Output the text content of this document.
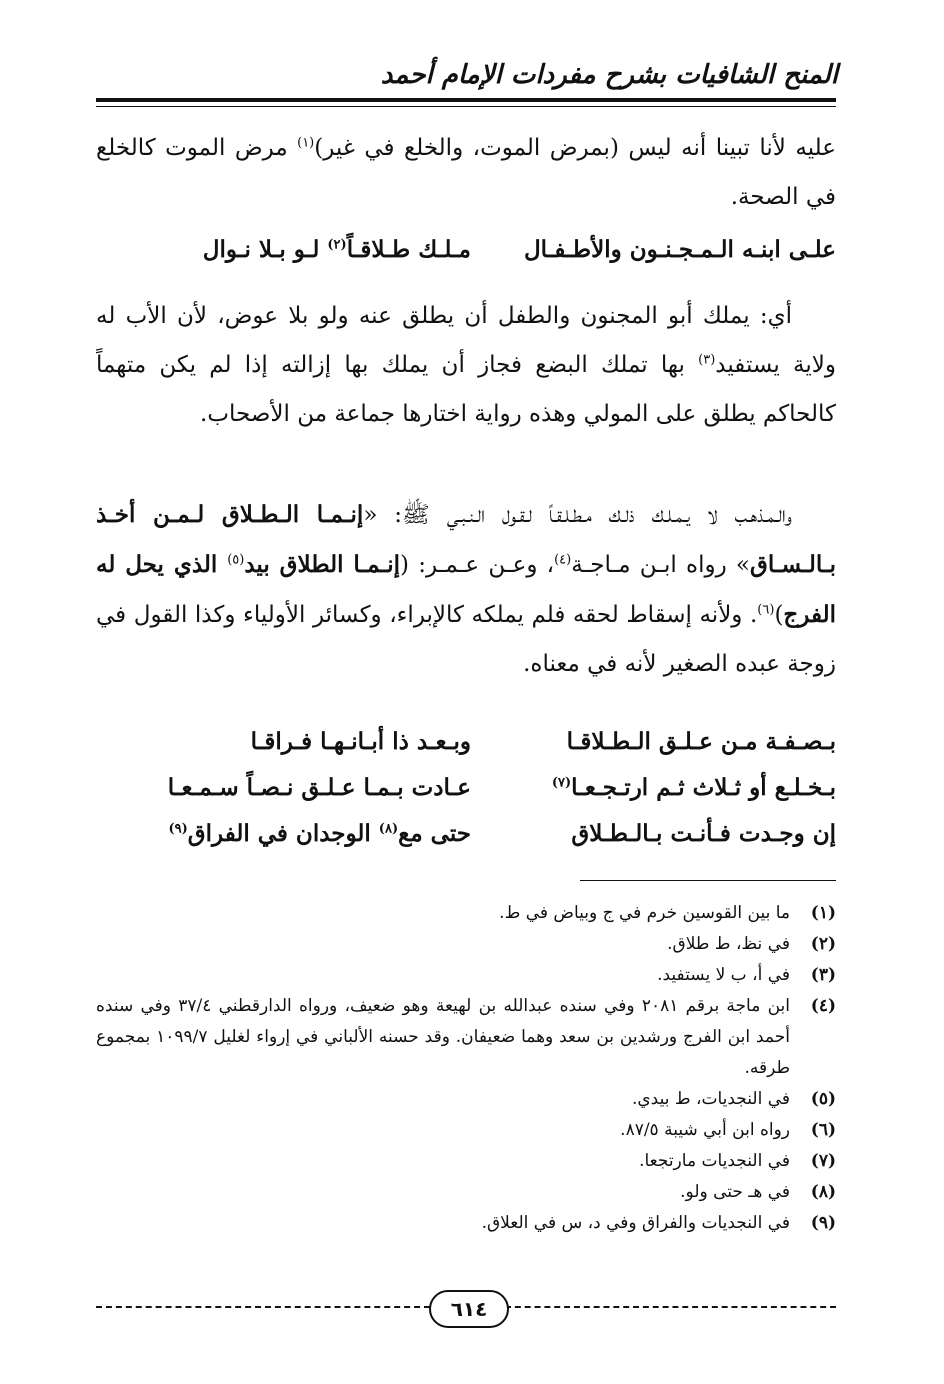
المنح الشافيات بشرح مفردات الإمام أحمد
عليه لأنا تبينا أنه ليس (بمرض الموت، والخلع في غير)$^{(١)}$ مرض الموت كالخلع في الصحة.
علـى ابنـه الـمـجـنـون والأطـفـال
مـلـك طـلاقـاً$^{(٢)}$ لـو بـلا نـوال
أي: يملك أبو المجنون والطفل أن يطلق عنه ولو بلا عوض، لأن الأب له ولاية يستفيد$^{(٣)}$ بها تملك البضع فجاز أن يملك بها إزالته إذا لم يكن متهماً كالحاكم يطلق على المولي وهذه رواية اختارها جماعة من الأصحاب.
والـمـذهـب لا يـمـلـك ذلـك مـطـلـقـاً لـقـول الـنـبـي ﷺ: «إنـمـا الـطـلاق لـمـن أخـذ بـالـسـاق» رواه ابـن مـاجـة$^{(٤)}$، وعـن عـمـر: (إنـمـا الطلاق بيد$^{(٥)}$ الذي يحل له الفرج)$^{(٦)}$. ولأنه إسقاط لحقه فلم يملكه كالإبراء، وكسائر الأولياء وكذا القول في زوجة عبده الصغير لأنه في معناه.
بـصـفـة مـن عـلـق الـطـلاقـا
وبـعـد ذا أبـانـهـا فـراقـا
بـخـلـع أو ثـلاث ثـم ارتـجـعـا$^{(٧)}$
عـادت بـمـا عـلـق نـصـاً سـمـعـا
إن وجـدت فـأنـت بـالـطـلاق
حتى مع$^{(٨)}$ الوجدان في الفراق$^{(٩)}$
(١)
ما بين القوسين خرم في ج وبياض في ط.
(٢)
في نظ، ط طلاق.
(٣)
في أ، ب لا يستفيد.
(٤)
ابن ماجة برقم ٢٠٨١ وفي سنده عبدالله بن لهيعة وهو ضعيف، ورواه الدارقطني ٣٧/٤ وفي سنده أحمد ابن الفرج ورشدين بن سعد وهما ضعيفان. وقد حسنه الألباني في إرواء لغليل ١٠٩٩/٧ بمجموع طرقه.
(٥)
في النجديات، ط بيدي.
(٦)
رواه ابن أبي شيبة ٨٧/٥.
(٧)
في النجديات مارتجعا.
(٨)
في هـ حتى ولو.
(٩)
في النجديات والفراق وفي د، س في العلاق.
٦١٤
